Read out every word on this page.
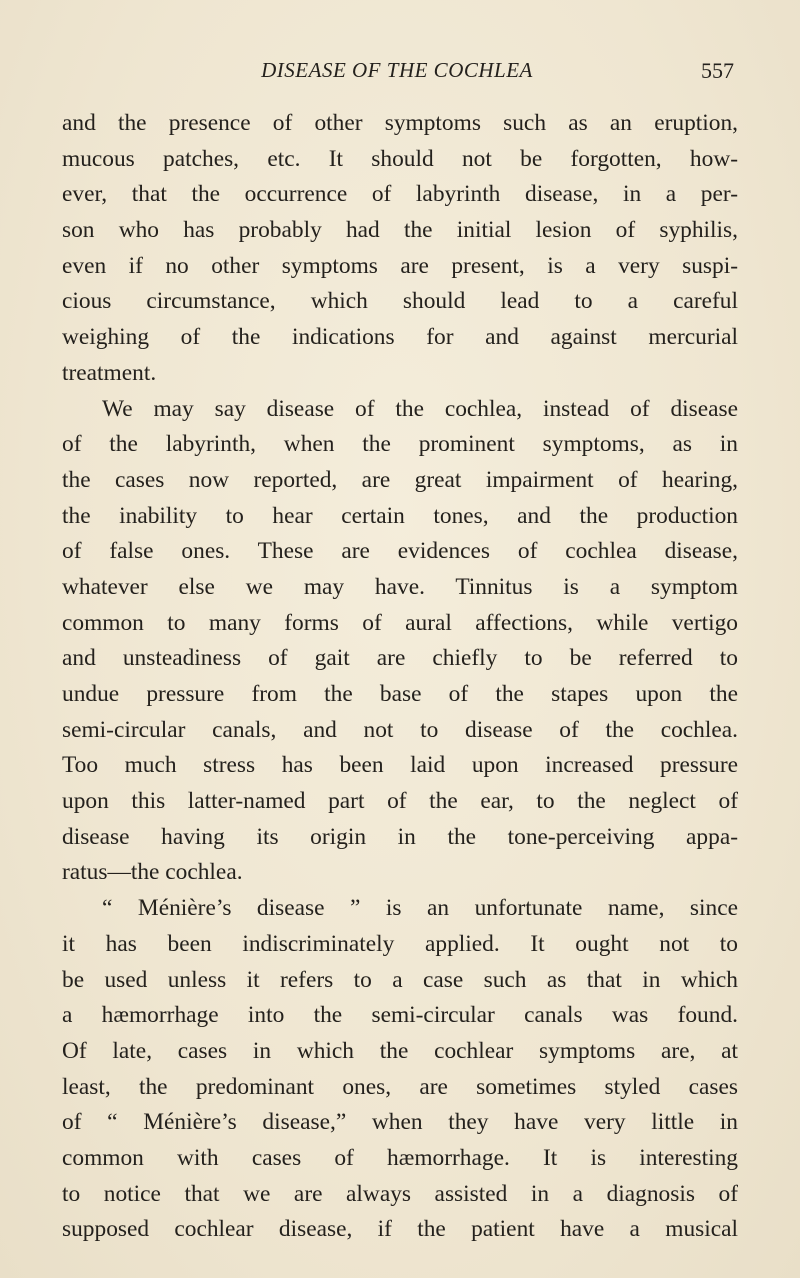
DISEASE OF THE COCHLEA	557
and the presence of other symptoms such as an eruption,
mucous patches, etc. It should not be forgotten, how-
ever, that the occurrence of labyrinth disease, in a per-
son who has probably had the initial lesion of syphilis,
even if no other symptoms are present, is a very suspi-
cious circumstance, which should lead to a careful
weighing of the indications for and against mercurial
treatment.
We may say disease of the cochlea, instead of disease
of the labyrinth, when the prominent symptoms, as in
the cases now reported, are great impairment of hearing,
the inability to hear certain tones, and the production
of false ones. These are evidences of cochlea disease,
whatever else we may have. Tinnitus is a symptom
common to many forms of aural affections, while vertigo
and unsteadiness of gait are chiefly to be referred to
undue pressure from the base of the stapes upon the
semi-circular canals, and not to disease of the cochlea.
Too much stress has been laid upon increased pressure
upon this latter-named part of the ear, to the neglect of
disease having its origin in the tone-perceiving appa-
ratus—the cochlea.
“ Ménière’s disease ” is an unfortunate name, since
it has been indiscriminately applied. It ought not to
be used unless it refers to a case such as that in which
a hæmorrhage into the semi-circular canals was found.
Of late, cases in which the cochlear symptoms are, at
least, the predominant ones, are sometimes styled cases
of “ Ménière’s disease,” when they have very little in
common with cases of hæmorrhage. It is interesting
to notice that we are always assisted in a diagnosis of
supposed cochlear disease, if the patient have a musical
